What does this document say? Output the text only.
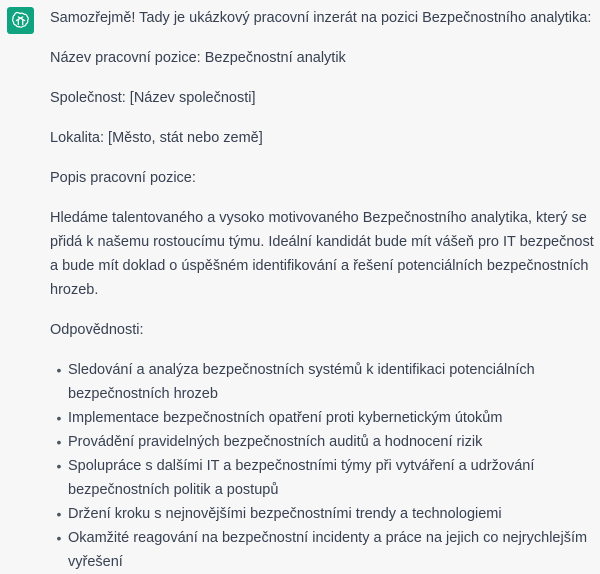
Samozřejmě! Tady je ukázkový pracovní inzerát na pozici Bezpečnostního analytika:

Název pracovní pozice: Bezpečnostní analytik

Společnost: [Název společnosti]

Lokalita: [Město, stát nebo země]

Popis pracovní pozice:

Hledáme talentovaného a vysoko motivovaného Bezpečnostního analytika, který se přidá k našemu rostoucímu týmu. Ideální kandidát bude mít vášeň pro IT bezpečnost a bude mít doklad o úspěšném identifikování a řešení potenciálních bezpečnostních hrozeb.

Odpovědnosti:

• Sledování a analýza bezpečnostních systémů k identifikaci potenciálních bezpečnostních hrozeb
• Implementace bezpečnostních opatření proti kybernetickým útokům
• Provádění pravidelných bezpečnostních auditů a hodnocení rizik
• Spolupráce s dalšími IT a bezpečnostními týmy při vytváření a udržování bezpečnostních politik a postupů
• Držení kroku s nejnovějšími bezpečnostními trendy a technologiemi
• Okamžité reagování na bezpečnostní incidenty a práce na jejich co nejrychlejším vyřešení
